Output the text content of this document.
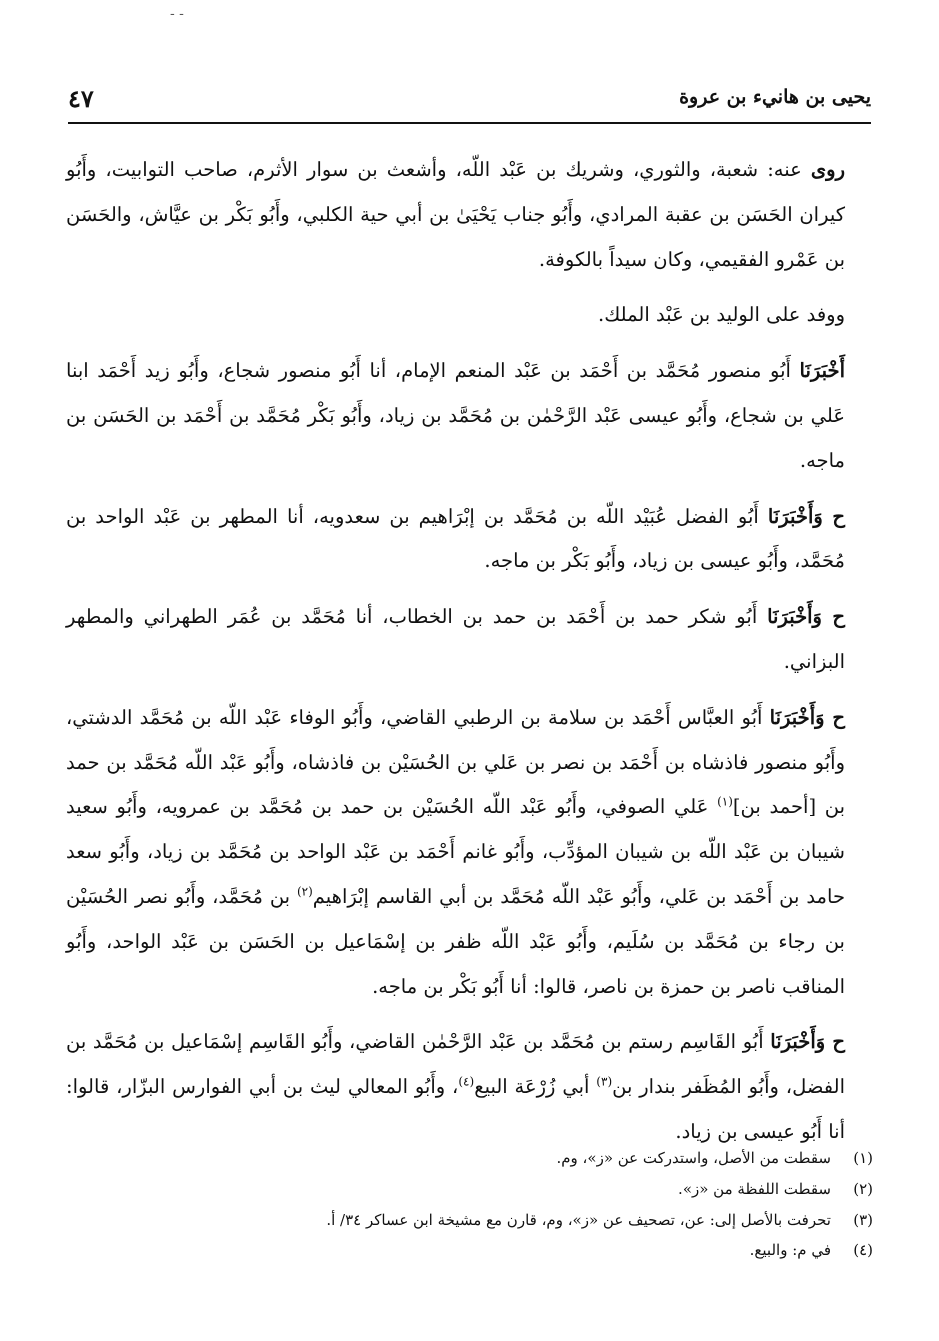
- -
يحيى بن هانيء بن عروة
٤٧

روى عنه: شعبة، والثوري، وشريك بن عَبْد اللّه، وأشعث بن سوار الأثرم، صاحب التوابيت، وأَبُو كيران الحَسَن بن عقبة المرادي، وأَبُو جناب يَحْيَىٰ بن أبي حية الكلبي، وأَبُو بَكْر بن عيَّاش، والحَسَن بن عَمْرو الفقيمي، وكان سيداً بالكوفة.

ووفد على الوليد بن عَبْد الملك.

أَخْبَرَنَا أَبُو منصور مُحَمَّد بن أَحْمَد بن عَبْد المنعم الإمام، أنا أَبُو منصور شجاع، وأَبُو زيد أَحْمَد ابنا عَلي بن شجاع، وأَبُو عيسى عَبْد الرَّحْمٰن بن مُحَمَّد بن زياد، وأَبُو بَكْر مُحَمَّد بن أَحْمَد بن الحَسَن بن ماجه.

ح وَأَخْبَرَنَا أَبُو الفضل عُبَيْد اللّه بن مُحَمَّد بن إبْرَاهيم بن سعدويه، أنا المطهر بن عَبْد الواحد بن مُحَمَّد، وأَبُو عيسى بن زياد، وأَبُو بَكْر بن ماجه.

ح وَأَخْبَرَنَا أَبُو شكر حمد بن أَحْمَد بن حمد بن الخطاب، أنا مُحَمَّد بن عُمَر الطهراني والمطهر البزاني.

ح وَأَخْبَرَنَا أَبُو العبَّاس أَحْمَد بن سلامة بن الرطبي القاضي، وأَبُو الوفاء عَبْد اللّه بن مُحَمَّد الدشتي، وأَبُو منصور فاذشاه بن أَحْمَد بن نصر بن عَلي بن الحُسَيْن بن فاذشاه، وأَبُو عَبْد اللّه مُحَمَّد بن حمد بن [أحمد بن]$^{(١)}$ عَلي الصوفي، وأَبُو عَبْد اللّه الحُسَيْن بن حمد بن مُحَمَّد بن عمرويه، وأَبُو سعيد شيبان بن عَبْد اللّه بن شيبان المؤدِّب، وأَبُو غانم أَحْمَد بن عَبْد الواحد بن مُحَمَّد بن زياد، وأَبُو سعد حامد بن أَحْمَد بن عَلي، وأَبُو عَبْد اللّه مُحَمَّد بن أبي القاسم إبْرَاهيم$^{(٢)}$ بن مُحَمَّد، وأَبُو نصر الحُسَيْن بن رجاء بن مُحَمَّد بن سُلَيم، وأَبُو عَبْد اللّه ظفر بن إسْمَاعيل بن الحَسَن بن عَبْد الواحد، وأَبُو المناقب ناصر بن حمزة بن ناصر، قالوا: أنا أَبُو بَكْر بن ماجه.

ح وَأَخْبَرَنَا أَبُو القَاسِم رستم بن مُحَمَّد بن عَبْد الرَّحْمٰن القاضي، وأَبُو القَاسِم إسْمَاعيل بن مُحَمَّد بن الفضل، وأَبُو المُظَفر بندار بن$^{(٣)}$ أبي زُرْعَة البيع$^{(٤)}$، وأَبُو المعالي ليث بن أبي الفوارس البزّار، قالوا: أنا أَبُو عيسى بن زياد.

(١)
سقطت من الأصل، واستدركت عن «ز»، وم.
(٢)
سقطت اللفظة من «ز».
(٣)
تحرفت بالأصل إلى: عن، تصحيف عن «ز»، وم، قارن مع مشيخة ابن عساكر ٣٤/ أ.
(٤)
في م: والبيع.
